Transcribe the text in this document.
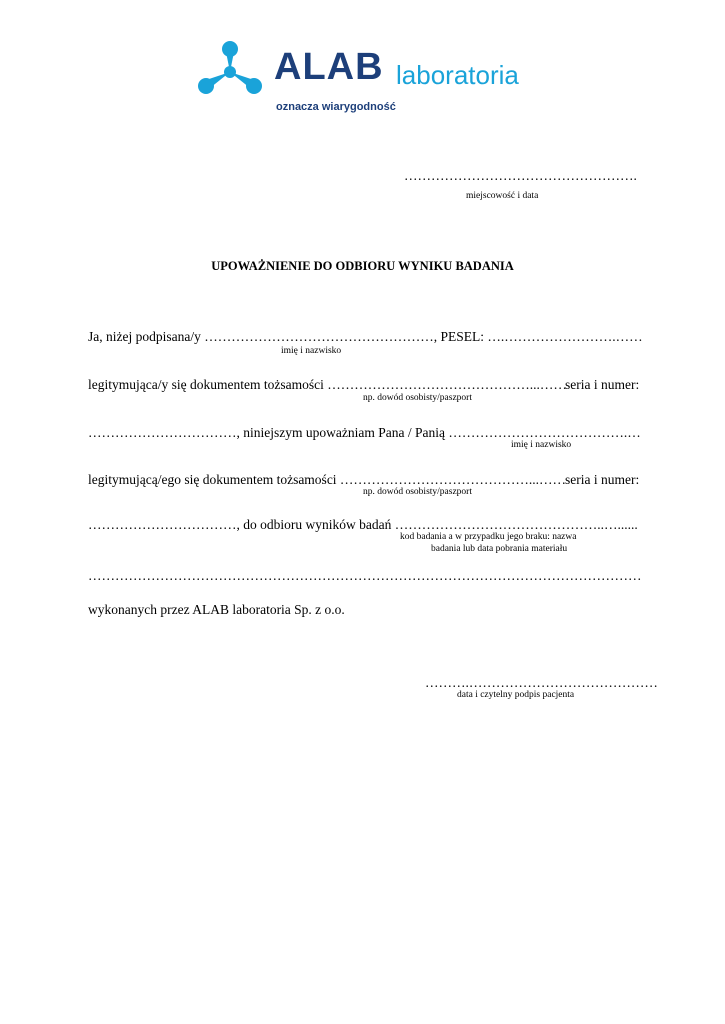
ALAB laboratoria
oznacza wiarygodność
…………………………………………….
miejscowość i data
UPOWAŻNIENIE DO ODBIORU WYNIKU BADANIA
Ja, niżej podpisana/y ……………………………………………, PESEL: ….…………………….……
imię i nazwisko
legitymująca/y się dokumentem tożsamości ………………………………………...……
seria i numer:
np. dowód osobisty/paszport
……………………………, niniejszym upoważniam Pana / Panią ………………………………….…
imię i nazwisko
legitymującą/ego się dokumentem tożsamości ……………………………………...……
seria i numer:
np. dowód osobisty/paszport
……………………………, do odbioru wyników badań ………………………………………..…......
kod badania a w przypadku jego braku: nazwa
badania lub data pobrania materiału
……………………………………………………………………………………………………………
wykonanych przez ALAB laboratoria Sp. z o.o.
……….……………………………………
data i czytelny podpis pacjenta
